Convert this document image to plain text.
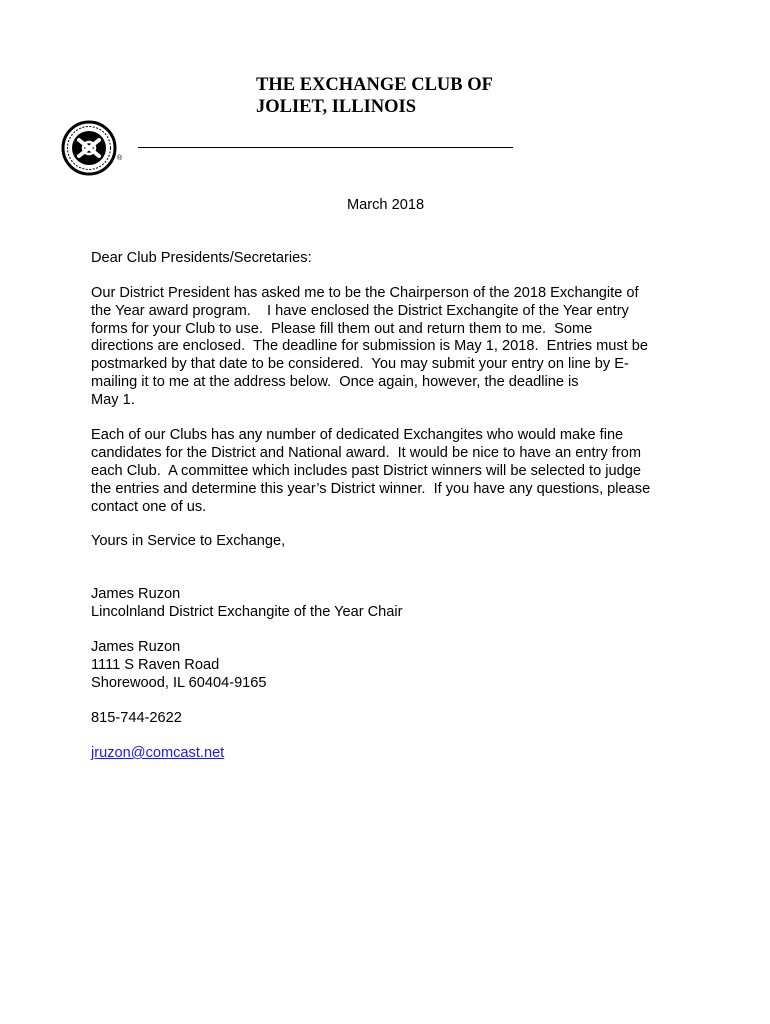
®
THE EXCHANGE CLUB OF
JOLIET, ILLINOIS
March 2018
Dear Club Presidents/Secretaries:

Our District President has asked me to be the Chairperson of the 2018 Exchangite of
the Year award program.    I have enclosed the District Exchangite of the Year entry
forms for your Club to use.  Please fill them out and return them to me.  Some
directions are enclosed.  The deadline for submission is May 1, 2018.  Entries must be
postmarked by that date to be considered.  You may submit your entry on line by E-
mailing it to me at the address below.  Once again, however, the deadline is
May 1.

Each of our Clubs has any number of dedicated Exchangites who would make fine
candidates for the District and National award.  It would be nice to have an entry from
each Club.  A committee which includes past District winners will be selected to judge
the entries and determine this year’s District winner.  If you have any questions, please
contact one of us.

Yours in Service to Exchange,
James Ruzon
Lincolnland District Exchangite of the Year Chair
James Ruzon
1111 S Raven Road
Shorewood, IL 60404-9165
815-744-2622
jruzon@comcast.net
